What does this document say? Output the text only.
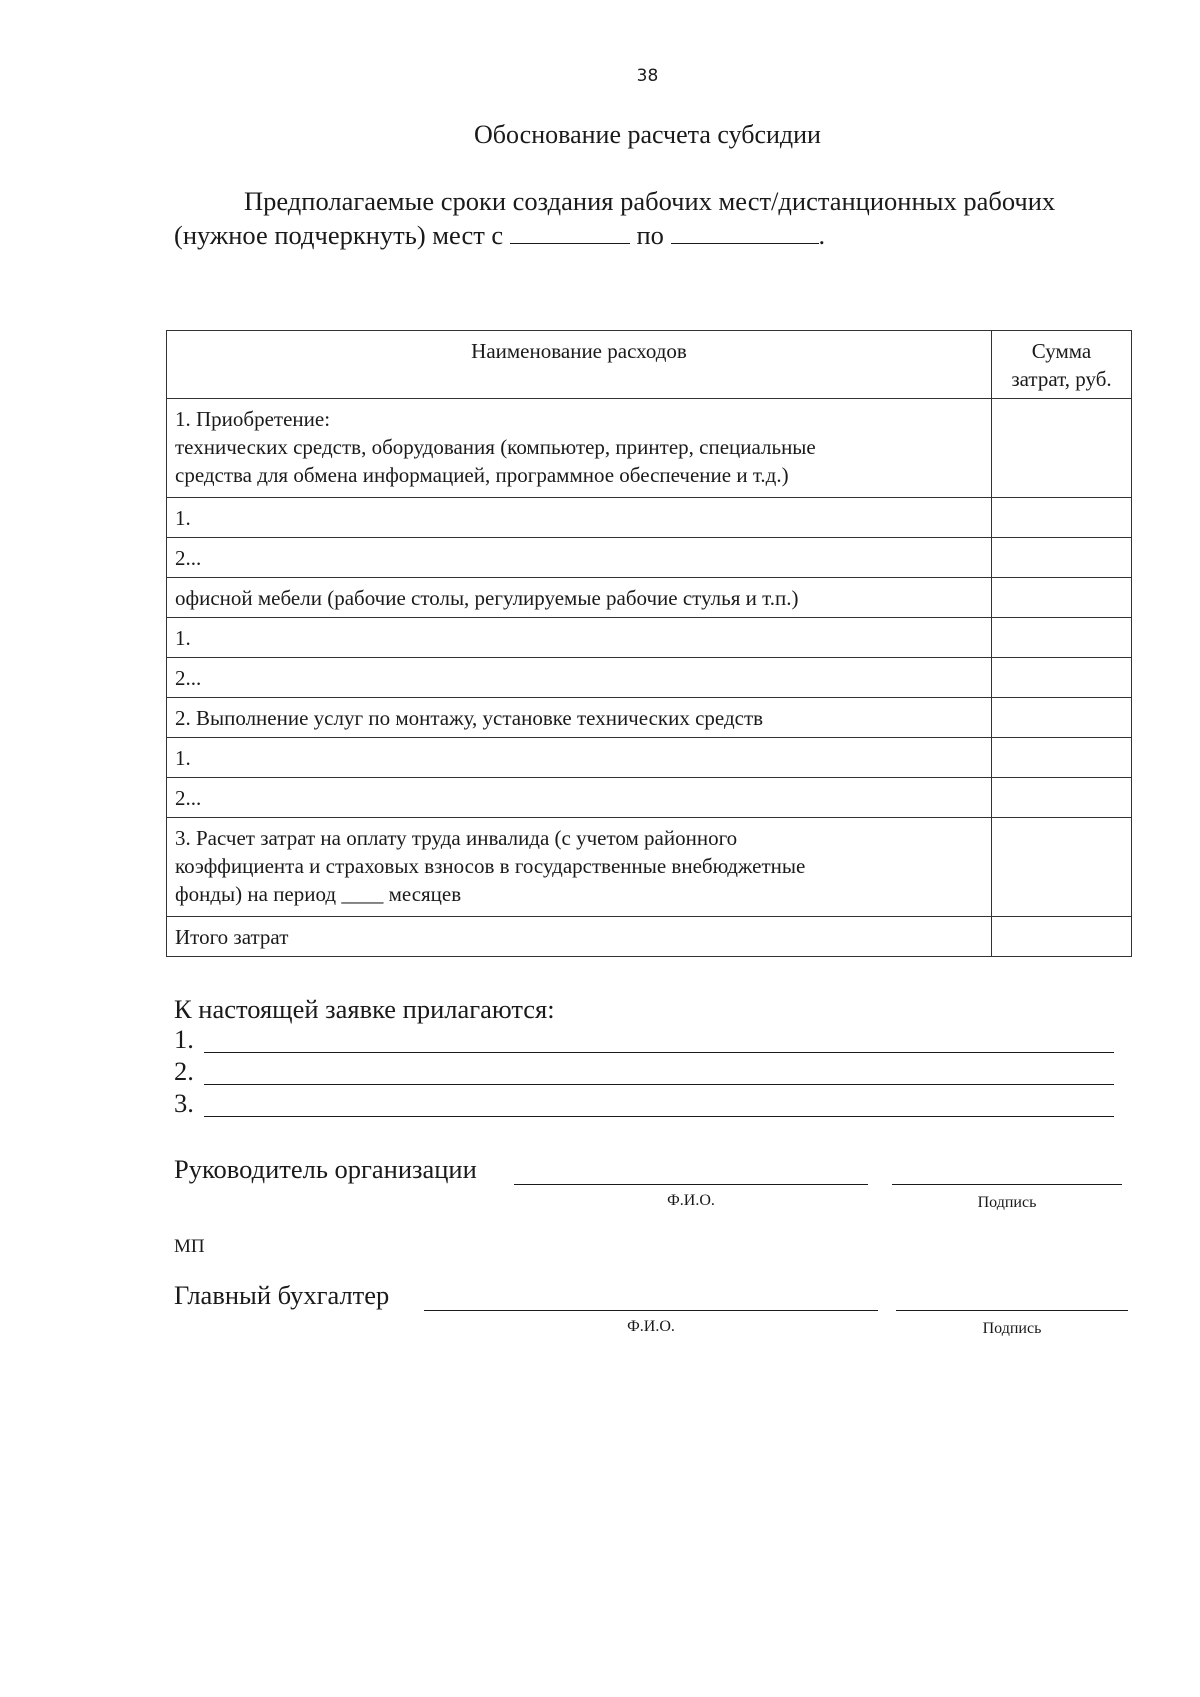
38
Обоснование расчета субсидии
Предполагаемые сроки создания рабочих мест/дистанционных рабочих
(нужное подчеркнуть) мест с	по	.
Наименование расходов	Сумма затрат, руб.

1. Приобретение:
технических средств, оборудования (компьютер, принтер, специальные
средства для обмена информацией, программное обеспечение и т.д.)	

1.	

2...	

офисной мебели (рабочие столы, регулируемые рабочие стулья и т.п.)	

1.	

2...	

2. Выполнение услуг по монтажу, установке технических средств	

1.	

2...	

3. Расчет затрат на оплату труда инвалида (с учетом районного
коэффициента и страховых взносов в государственные внебюджетные
фонды) на период ____ месяцев	

Итого затрат	

К настоящей заявке прилагаются:
1.
2.
3.
Руководитель организации
Ф.И.О.	Подпись
МП
Главный бухгалтер
Ф.И.О.	Подпись
